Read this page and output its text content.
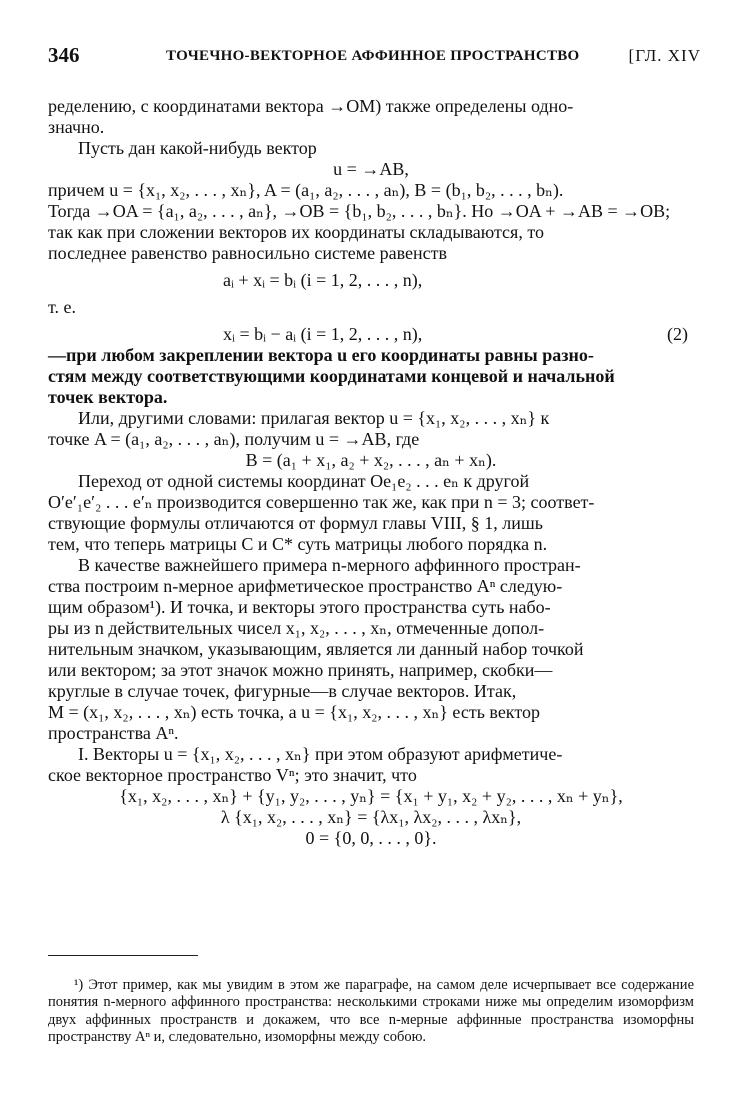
346	ТОЧЕЧНО-ВЕКТОРНОЕ АФФИННОЕ ПРОСТРАНСТВО	[ГЛ. XIV

ределению, с координатами вектора →OM) также определены одно-

значно.

Пусть дан какой-нибудь вектор

u = →AB,

причем u = {x₁, x₂, . . . , xₙ}, A = (a₁, a₂, . . . , aₙ), B = (b₁, b₂, . . . , bₙ).

Тогда →OA = {a₁, a₂, . . . , aₙ}, →OB = {b₁, b₂, . . . , bₙ}. Но →OA + →AB = →OB;

так как при сложении векторов их координаты складываются, то

последнее равенство равносильно системе равенств

aᵢ + xᵢ = bᵢ (i = 1, 2, . . . , n),
т. е.
xᵢ = bᵢ − aᵢ (i = 1, 2, . . . , n),	(2)

—при любом закреплении вектора u его координаты равны разно-

стям между соответствующими координатами концевой и начальной

точек вектора.

Или, другими словами: прилагая вектор u = {x₁, x₂, . . . , xₙ} к

точке A = (a₁, a₂, . . . , aₙ), получим u = →AB, где

B = (a₁ + x₁, a₂ + x₂, . . . , aₙ + xₙ).

Переход от одной системы координат Oe₁e₂ . . . eₙ к другой

O′e′₁e′₂ . . . e′ₙ производится совершенно так же, как при n = 3; соответ-

ствующие формулы отличаются от формул главы VIII, § 1, лишь

тем, что теперь матрицы C и C* суть матрицы любого порядка n.

В качестве важнейшего примера n-мерного аффинного простран-

ства построим n-мерное арифметическое пространство Aⁿ следую-

щим образом¹). И точка, и векторы этого пространства суть набо-

ры из n действительных чисел x₁, x₂, . . . , xₙ, отмеченные допол-

нительным значком, указывающим, является ли данный набор точкой

или вектором; за этот значок можно принять, например, скобки—

круглые в случае точек, фигурные—в случае векторов. Итак,

M = (x₁, x₂, . . . , xₙ) есть точка, а u = {x₁, x₂, . . . , xₙ} есть вектор

пространства Aⁿ.

I. Векторы u = {x₁, x₂, . . . , xₙ} при этом образуют арифметиче-

ское векторное пространство Vⁿ; это значит, что

{x₁, x₂, . . . , xₙ} + {y₁, y₂, . . . , yₙ} = {x₁ + y₁, x₂ + y₂, . . . , xₙ + yₙ},

λ {x₁, x₂, . . . , xₙ} = {λx₁, λx₂, . . . , λxₙ},

0 = {0, 0, . . . , 0}.

¹) Этот пример, как мы увидим в этом же параграфе, на самом деле исчерпывает все содержание понятия n-мерного аффинного пространства: несколькими строками ниже мы определим изоморфизм двух аффинных пространств и докажем, что все n-мерные аффинные пространства изоморфны пространству Aⁿ и, следовательно, изоморфны между собою.
